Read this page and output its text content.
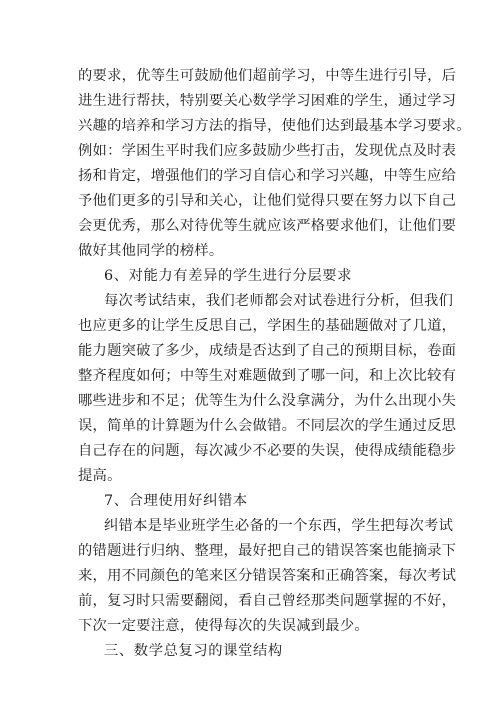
的要求，优等生可鼓励他们超前学习，中等生进行引导，后
进生进行帮扶，特别要关心数学学习困难的学生，通过学习
兴趣的培养和学习方法的指导，使他们达到最基本学习要求。
例如：学困生平时我们应多鼓励少些打击，发现优点及时表
扬和肯定，增强他们的学习自信心和学习兴趣，中等生应给
予他们更多的引导和关心，让他们觉得只要在努力以下自己
会更优秀，那么对待优等生就应该严格要求他们，让他们要
做好其他同学的榜样。
6、对能力有差异的学生进行分层要求
每次考试结束，我们老师都会对试卷进行分析，但我们
也应更多的让学生反思自己，学困生的基础题做对了几道，
能力题突破了多少，成绩是否达到了自己的预期目标，卷面
整齐程度如何；中等生对难题做到了哪一问，和上次比较有
哪些进步和不足；优等生为什么没拿满分，为什么出现小失
误，简单的计算题为什么会做错。不同层次的学生通过反思
自己存在的问题，每次减少不必要的失误，使得成绩能稳步
提高。
7、合理使用好纠错本
纠错本是毕业班学生必备的一个东西，学生把每次考试
的错题进行归纳、整理，最好把自己的错误答案也能摘录下
来，用不同颜色的笔来区分错误答案和正确答案，每次考试
前，复习时只需要翻阅，看自己曾经那类问题掌握的不好，
下次一定要注意，使得每次的失误减到最少。
三、数学总复习的课堂结构
